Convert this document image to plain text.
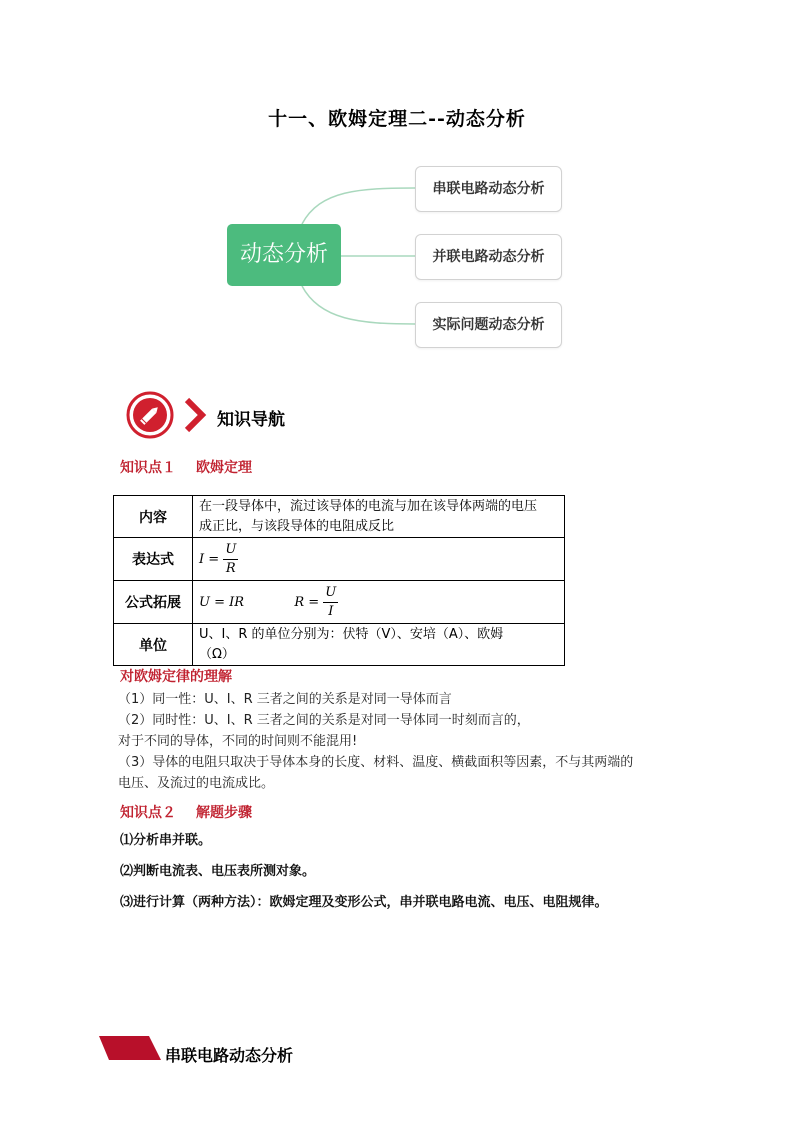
十一、欧姆定理二--动态分析
动态分析
串联电路动态分析
并联电路动态分析
实际问题动态分析
知识导航
知识点１ 欧姆定理
内容	在一段导体中，流过该导体的电流与加在该导体两端的电压
成正比，与该段导体的电阻成反比

表达式	$I = \frac{U}{R}$

公式拓展	U = IR $R = \frac{U}{I}$

单位	U、I、R 的单位分别为：伏特（V）、安培（A）、欧姆
（Ω）
对欧姆定律的理解
（1）同一性：U、I、R 三者之间的关系是对同一导体而言
（2）同时性：U、I、R 三者之间的关系是对同一导体同一时刻而言的，
对于不同的导体，不同的时间则不能混用!
（3）导体的电阻只取决于导体本身的长度、材料、温度、横截面积等因素，不与其两端的
电压、及流过的电流成比。
知识点２ 解题步骤
⑴分析串并联。
⑵判断电流表、电压表所测对象。
⑶进行计算（两种方法）：欧姆定理及变形公式，串并联电路电流、电压、电阻规律。
串联电路动态分析
